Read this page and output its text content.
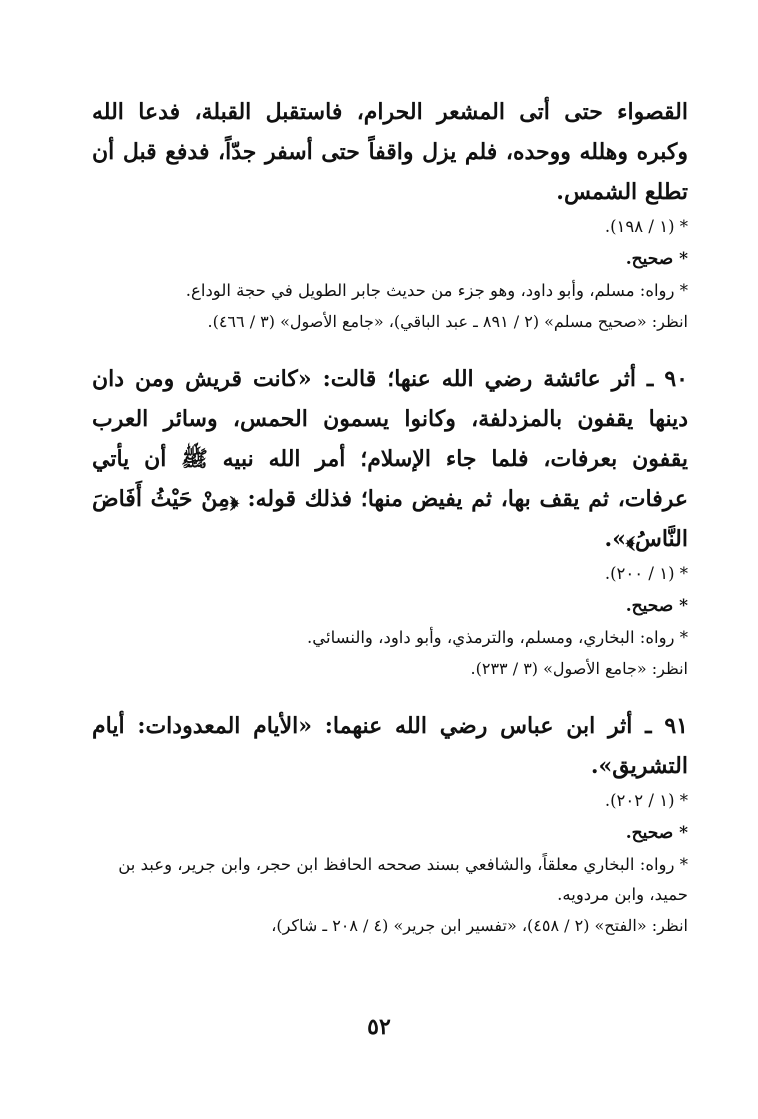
القصواء حتى أتى المشعر الحرام، فاستقبل القبلة، فدعا الله وكبره وهلله ووحده، فلم يزل واقفاً حتى أسفر جدّاً، فدفع قبل أن تطلع الشمس.

* (١ / ١٩٨).

* صحيح.

* رواه: مسلم، وأبو داود، وهو جزء من حديث جابر الطويل في حجة الوداع.

انظر: «صحيح مسلم» (٢ / ٨٩١ ـ عبد الباقي)، «جامع الأصول» (٣ / ٤٦٦).

٩٠ ـ أثر عائشة رضي الله عنها؛ قالت: «كانت قريش ومن دان دينها يقفون بالمزدلفة، وكانوا يسمون الحمس، وسائر العرب يقفون بعرفات، فلما جاء الإسلام؛ أمر الله نبيه ﷺ أن يأتي عرفات، ثم يقف بها، ثم يفيض منها؛ فذلك قوله: ﴿مِنْ حَيْثُ أَفَاضَ النَّاسُ﴾».

* (١ / ٢٠٠).

* صحيح.

* رواه: البخاري، ومسلم، والترمذي، وأبو داود، والنسائي.

انظر: «جامع الأصول» (٣ / ٢٣٣).

٩١ ـ أثر ابن عباس رضي الله عنهما: «الأيام المعدودات: أيام التشريق».

* (١ / ٢٠٢).

* صحيح.

* رواه: البخاري معلقاً، والشافعي بسند صححه الحافظ ابن حجر، وابن جرير، وعبد بن حميد، وابن مردويه.

انظر: «الفتح» (٢ / ٤٥٨)، «تفسير ابن جرير» (٤ / ٢٠٨ ـ شاكر)،

٥٢
